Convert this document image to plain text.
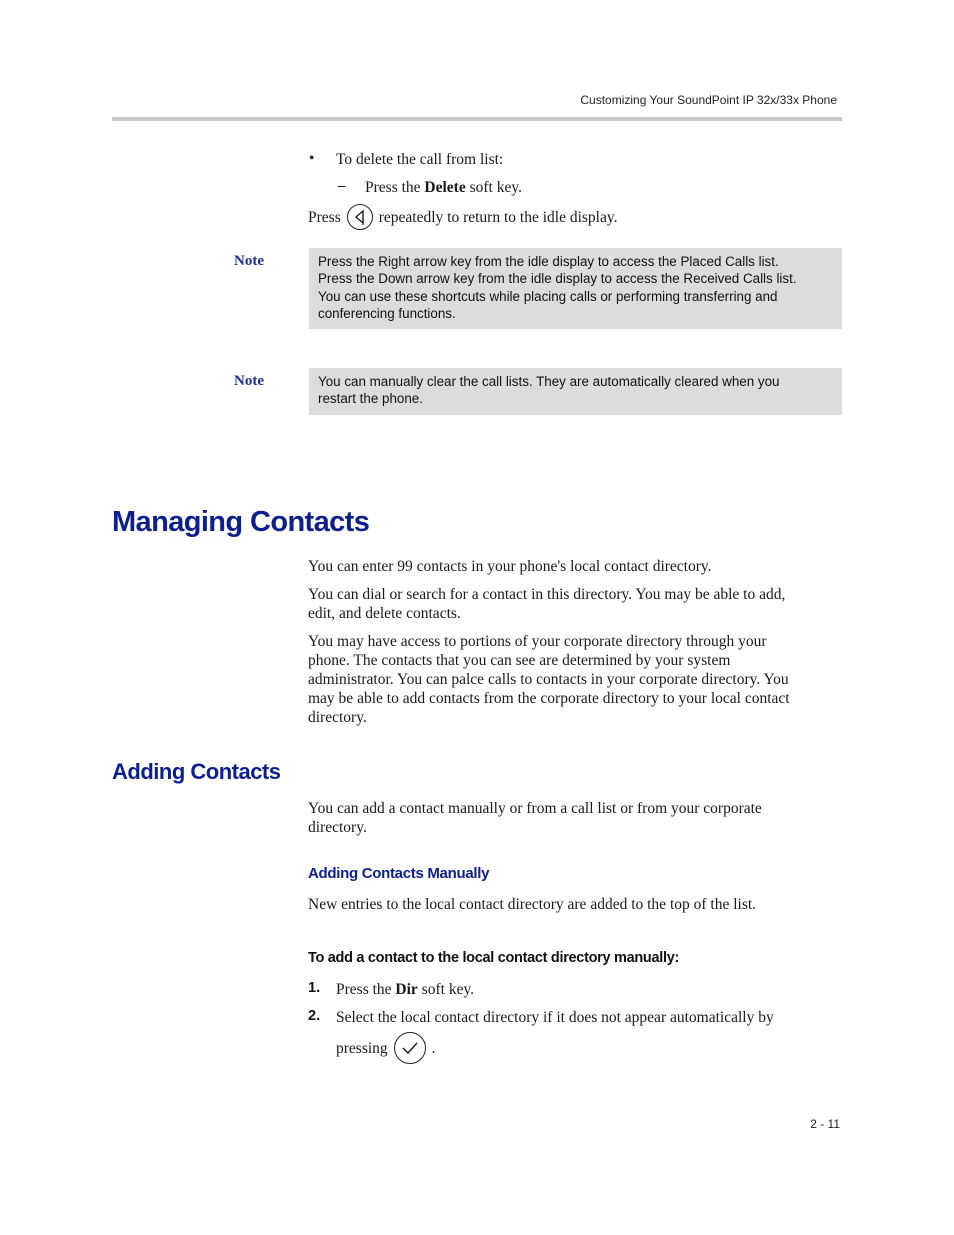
Customizing Your SoundPoint IP 32x/33x Phone
• To delete the call from list:
– Press the Delete soft key.
Press repeatedly to return to the idle display.
Note	Press the Right arrow key from the idle display to access the Placed Calls list.
Press the Down arrow key from the idle display to access the Received Calls list.
You can use these shortcuts while placing calls or performing transferring and
conferencing functions.
Note	You can manually clear the call lists. They are automatically cleared when you
restart the phone.
Managing Contacts
You can enter 99 contacts in your phone's local contact directory.
You can dial or search for a contact in this directory. You may be able to add,
edit, and delete contacts.
You may have access to portions of your corporate directory through your
phone. The contacts that you can see are determined by your system
administrator. You can palce calls to contacts in your corporate directory. You
may be able to add contacts from the corporate directory to your local contact
directory.
Adding Contacts
You can add a contact manually or from a call list or from your corporate
directory.
Adding Contacts Manually
New entries to the local contact directory are added to the top of the list.
To add a contact to the local contact directory manually:
1. Press the Dir soft key.
2. Select the local contact directory if it does not appear automatically by
pressing	.
2 - 11
